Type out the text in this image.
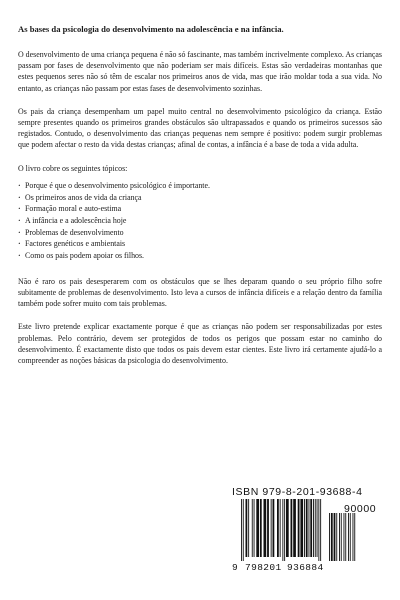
As bases da psicologia do desenvolvimento na adolescência e na infância.

O desenvolvimento de uma criança pequena é não só fascinante, mas também incrivelmente complexo. As crianças passam por fases de desenvolvimento que não poderiam ser mais difíceis. Estas são verdadeiras montanhas que estes pequenos seres não só têm de escalar nos primeiros anos de vida, mas que irão moldar toda a sua vida. No entanto, as crianças não passam por estas fases de desenvolvimento sozinhas.

Os pais da criança desempenham um papel muito central no desenvolvimento psicológico da criança. Estão sempre presentes quando os primeiros grandes obstáculos são ultrapassados e quando os primeiros sucessos são registados. Contudo, o desenvolvimento das crianças pequenas nem sempre é positivo: podem surgir problemas que podem afectar o resto da vida destas crianças; afinal de contas, a infância é a base de toda a vida adulta.

O livro cobre os seguintes tópicos:

· Porque é que o desenvolvimento psicológico é importante.
· Os primeiros anos de vida da criança
· Formação moral e auto-estima
· A infância e a adolescência hoje
· Problemas de desenvolvimento
· Factores genéticos e ambientais
· Como os pais podem apoiar os filhos.

Não é raro os pais desesperarem com os obstáculos que se lhes deparam quando o seu próprio filho sofre subitamente de problemas de desenvolvimento. Isto leva a cursos de infância difíceis e a relação dentro da família também pode sofrer muito com tais problemas.

Este livro pretende explicar exactamente porque é que as crianças não podem ser responsabilizadas por estes problemas. Pelo contrário, devem ser protegidos de todos os perigos que possam estar no caminho do desenvolvimento. É exactamente disto que todos os pais devem estar cientes. Este livro irá certamente ajudá-lo a compreender as noções básicas da psicologia do desenvolvimento.

ISBN 979-8-201-93688-4
90000
9 798201 936884
